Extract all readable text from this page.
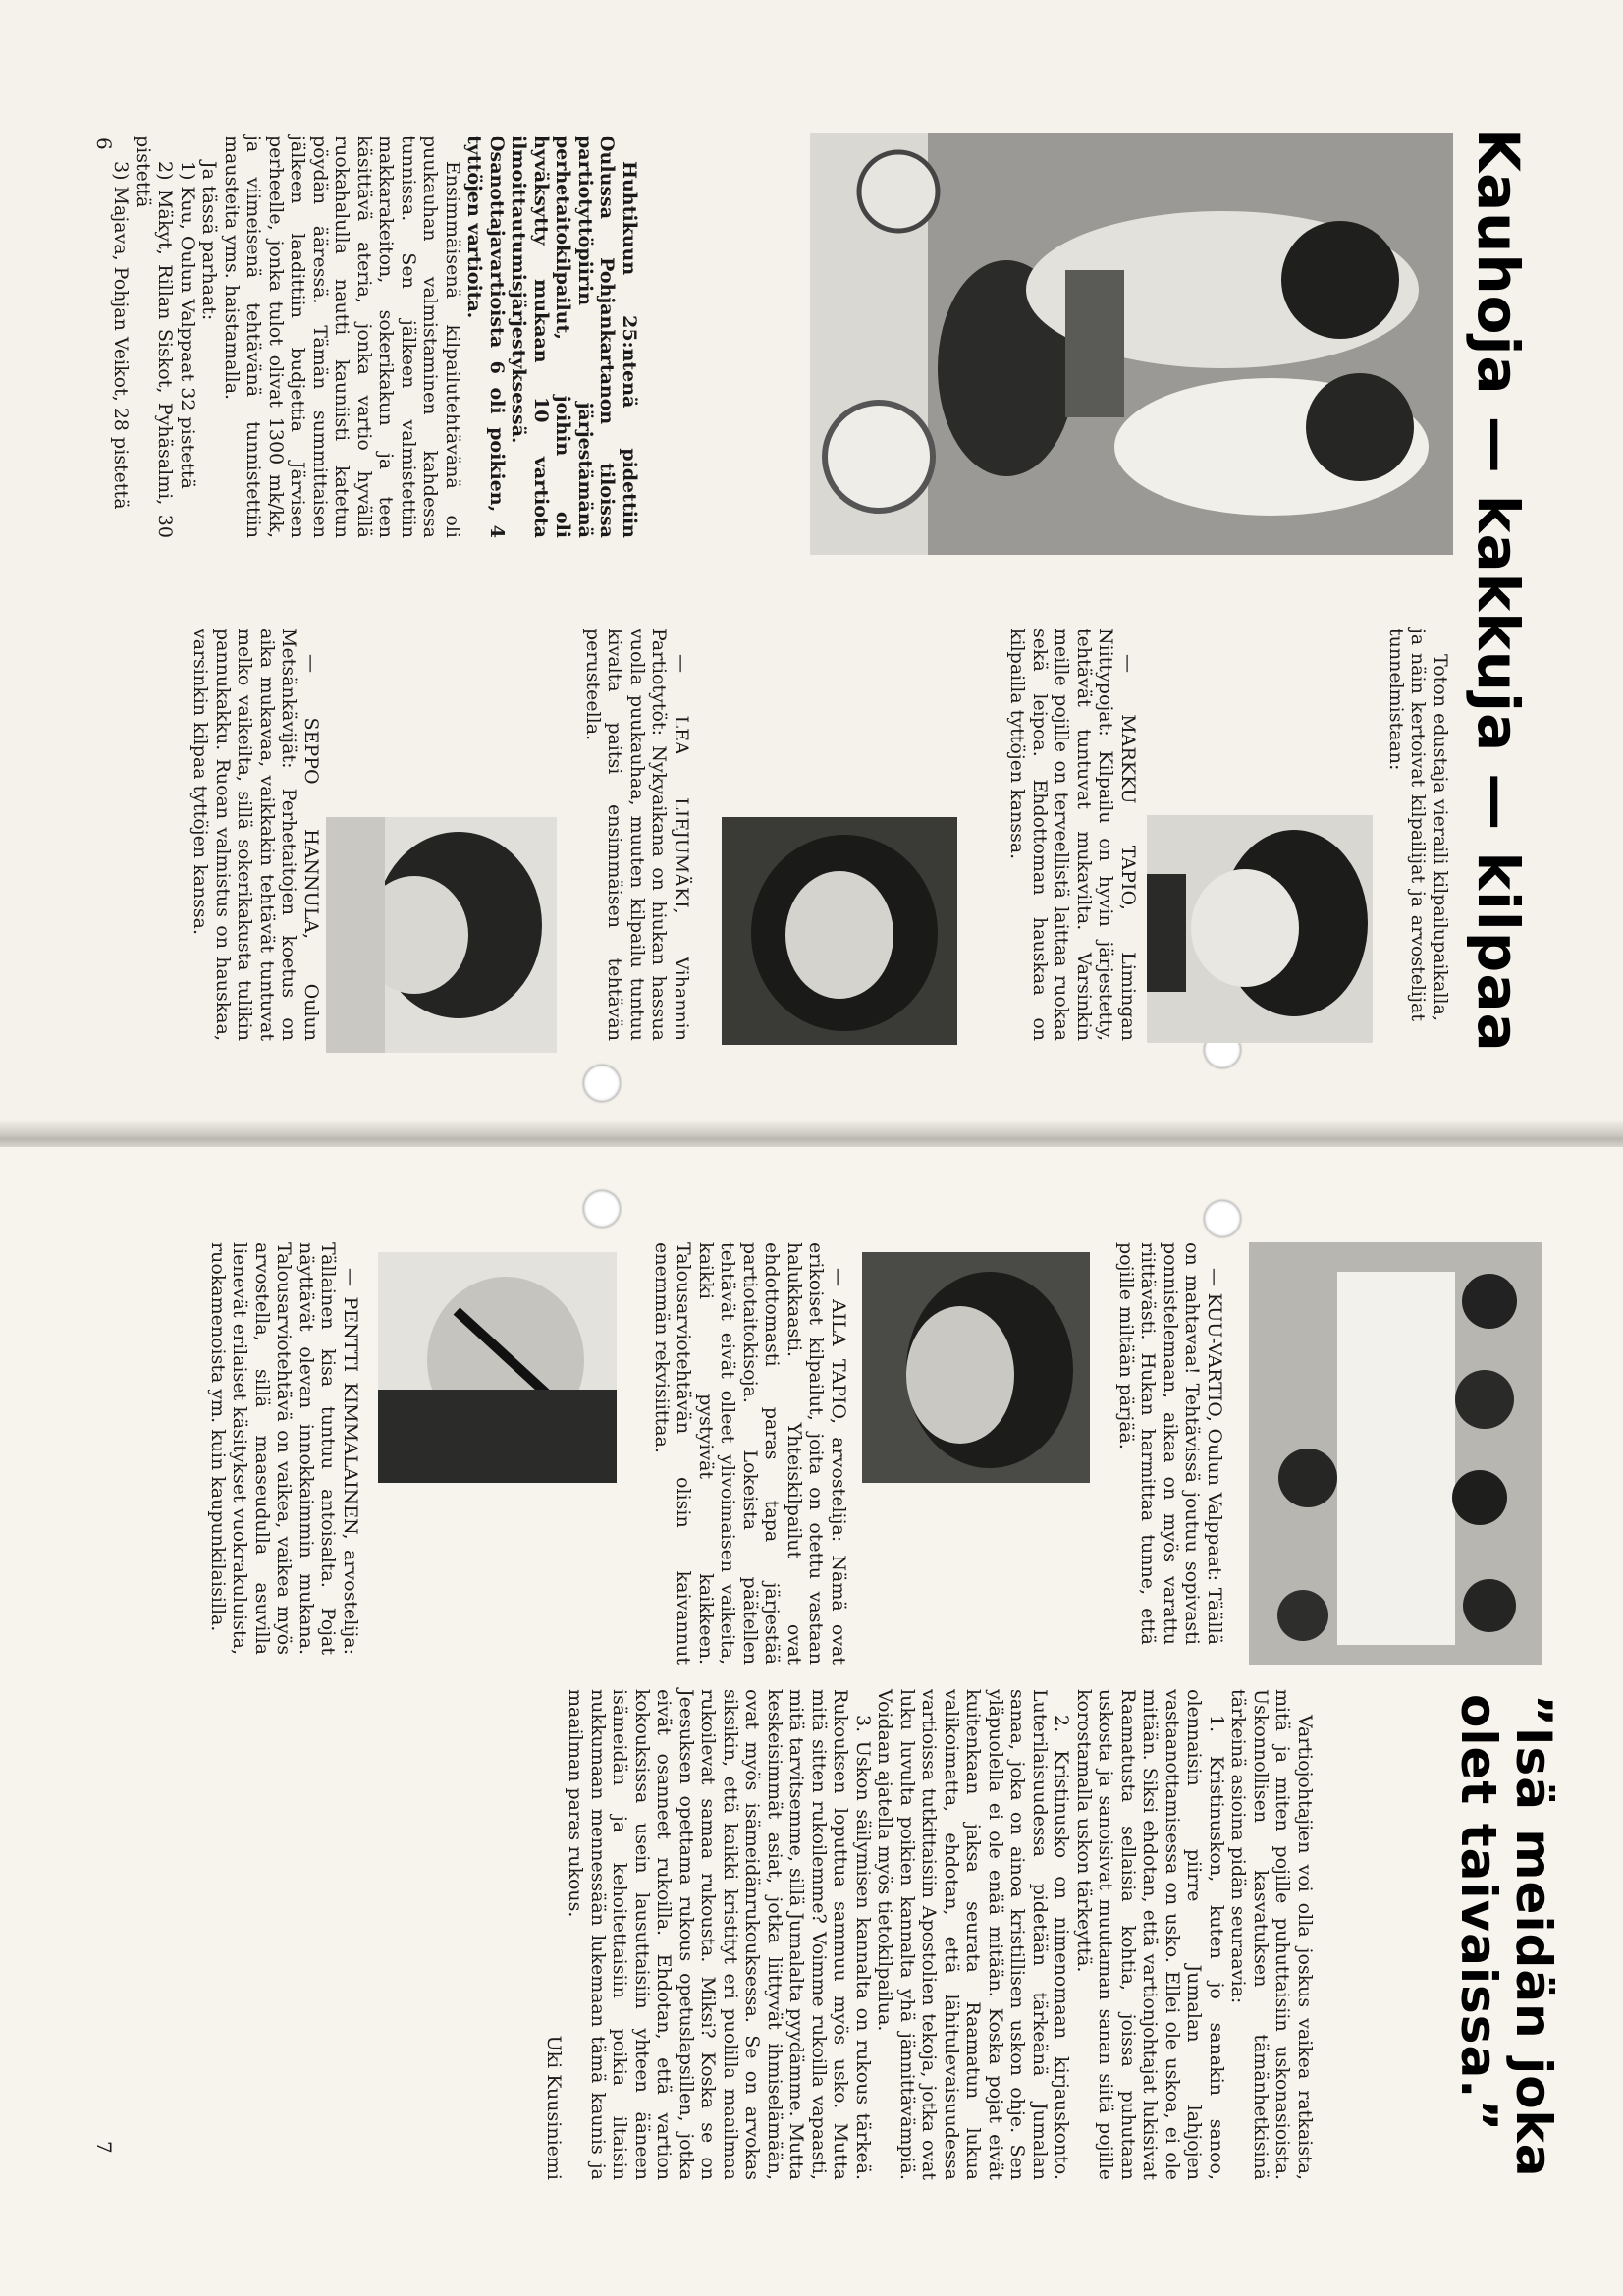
Kauhoja — kakkuja — kilpaa

Huhtikuun 25:ntenä pidettiin Oulussa Pohjankartanon tiloissa partiotyttöpiirin järjestämänä perhetaitokilpailut, joihin oli hyväksytty mukaan 10 vartiota ilmoittautumisjärjestyksessä. Osanottajavartioista 6 oli poikien, 4 tyttöjen vartioita.

Ensimmäisenä kilpailutehtävänä oli puukauhan valmistaminen kahdessa tunnissa. Sen jälkeen valmistettiin makkarakeiton, sokerikakun ja teen käsittävä ateria, jonka vartio hyvällä ruokahalulla nautti kauniisti katetun pöydän ääressä. Tämän summittaisen jälkeen laadittiin budjettia Järvisen perheelle, jonka tulot olivat 1300 mk/kk, ja viimeisenä tehtävänä tunnistettiin mausteita yms. haistamalla.

Ja tässä parhaat:

1) Kuu, Oulun Valppaat 32 pistettä

2) Mäkyt, Rillan Siskot, Pyhäsalmi, 30 pistettä

3) Majava, Pohjan Veikot, 28 pistettä

Toton edustaja vieraili kilpailupaikalla, ja näin kertoivat kilpailijat ja arvostelijat tunnelmistaan:

— MARKKU TAPIO, Limingan Niittypojat: Kilpailu on hyvin järjestetty, tehtävät tuntuvat mukavilta. Varsinkin meille pojille on terveellistä laittaa ruokaa sekä leipoa. Ehdottoman hauskaa on kilpailla tyttöjen kanssa.

— LEA LIEJUMÄKI, Vihannin Partiotytöt: Nykyaikana on hiukan hassua vuolla puukauhaa, muuten kilpailu tuntuu kivalta paitsi ensimmäisen tehtävän perusteella.

— SEPPO HANNULA, Oulun Metsänkävijät: Perhetaitojen koetus on aika mukavaa, vaikkakin tehtävät tuntuvat melko vaikeilta, sillä sokerikakusta tulikin pannukakku. Ruoan valmistus on hauskaa, varsinkin kilpaa tyttöjen kanssa.

6

— KUU-VARTIO, Oulun Valppaat: Täällä on mahtavaa! Tehtävissä joutuu sopivasti ponnistelemaan, aikaa on myös varattu riittävästi. Hukan harmittaa tunne, että pojille miltään pärjää.

— AILA TAPIO, arvostelija: Nämä ovat erikoiset kilpailut, joita on otettu vastaan halukkaasti. Yhteiskilpailut ovat ehdottomasti paras tapa järjestää partiotaitokisoja. Lokeista päätellen tehtävät eivät olleet ylivoimaisen vaikeita, kaikki pystyivät kaikkeen. Talousarviotehtävän olisin kaivannut enemmän rekvisiittaa.

— PENTTI KIMMALAINEN, arvostelija: Tällainen kisa tuntuu antoisalta. Pojat näyttävät olevan innokkaimmin mukana. Talousarviotehtävä on vaikea, vaikea myös arvostella, sillä maaseudulla asuvilla lienevät erilaiset käsitykset vuokrakuluista, ruokamenoista ym. kuin kaupunkilaisilla.

”Isä meidän joka olet taivaissa.”

Vartiojohtajien voi olla joskus vaikea ratkaista, mitä ja miten pojille puhuttaisiin uskonasioista. Uskonnollisen kasvatuksen tämänhetkisinä tärkeinä asioina pidän seuraavia:

1. Kristinuskon, kuten jo sanakin sanoo, olennaisin piirre Jumalan lahjojen vastaanottamisessa on usko. Ellei ole uskoa, ei ole mitään. Siksi ehdotan, että vartionjohtajat lukisivat Raamatusta sellaisia kohtia, joissa puhutaan uskosta ja sanoisivat muutaman sanan siitä pojille korostamalla uskon tärkeyttä.

2. Kristinusko on nimenomaan kirjauskonto. Luterilaisuudessa pidetään tärkeänä Jumalan sanaa, joka on ainoa kristillisen uskon ohje. Sen yläpuolella ei ole enää mitään. Koska pojat eivät kuitenkaan jaksa seurata Raamatun lukua valikoimatta, ehdotan, että lähitulevaisuudessa vartioissa tutkittaisiin Apostolien tekoja, jotka ovat luku luvulta poikien kannalta yhä jännittävämpiä. Voidaan ajatella myös tietokilpailua.

3. Uskon säilymisen kannalta on rukous tärkeä. Rukouksen loputtua sammuu myös usko. Mutta mitä sitten rukoilemme? Voimme rukoilla vapaasti, mitä tarvitsemme, sillä Jumalalta pyydämme. Mutta keskeisimmät asiat, jotka liittyvät ihmiselämään, ovat myös isämeidänrukouksessa. Se on arvokas siksikin, että kaikki kristityt eri puolilla maailmaa rukoilevat samaa rukousta. Miksi? Koska se on Jeesuksen opettama rukous opetuslapsillen, jotka eivät osanneet rukoilla. Ehdotan, että vartion kokouksissa usein lausuttaisiin yhteen ääneen isämeidän ja kehoitettaisiin poikia iltaisin nukkumaan mennessään lukemaan tämä kaunis ja maailman paras rukous.

Uki Kuusiniemi

7
